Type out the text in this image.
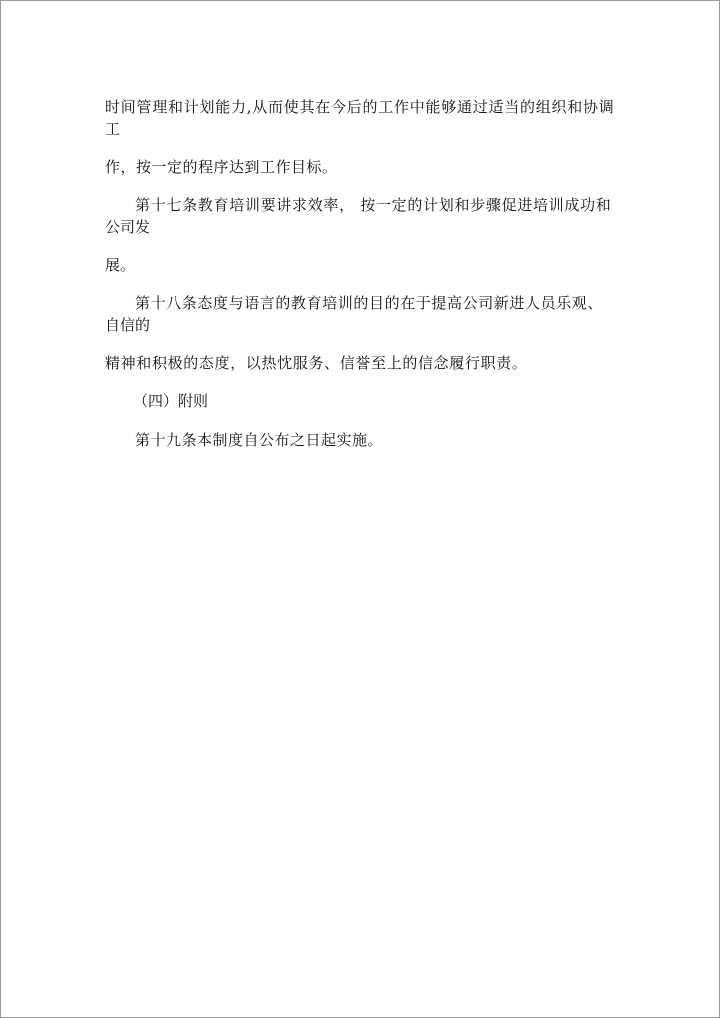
时间管理和计划能力,从而使其在今后的工作中能够通过适当的组织和协调

工

作，按一定的程序达到工作目标。

第十七条教育培训要讲求效率， 按一定的计划和步骤促进培训成功和

公司发

展。

第十八条态度与语言的教育培训的目的在于提高公司新进人员乐观、

自信的

精神和积极的态度，以热忱服务、信誉至上的信念履行职责。

（四）附则

第十九条本制度自公布之日起实施。
